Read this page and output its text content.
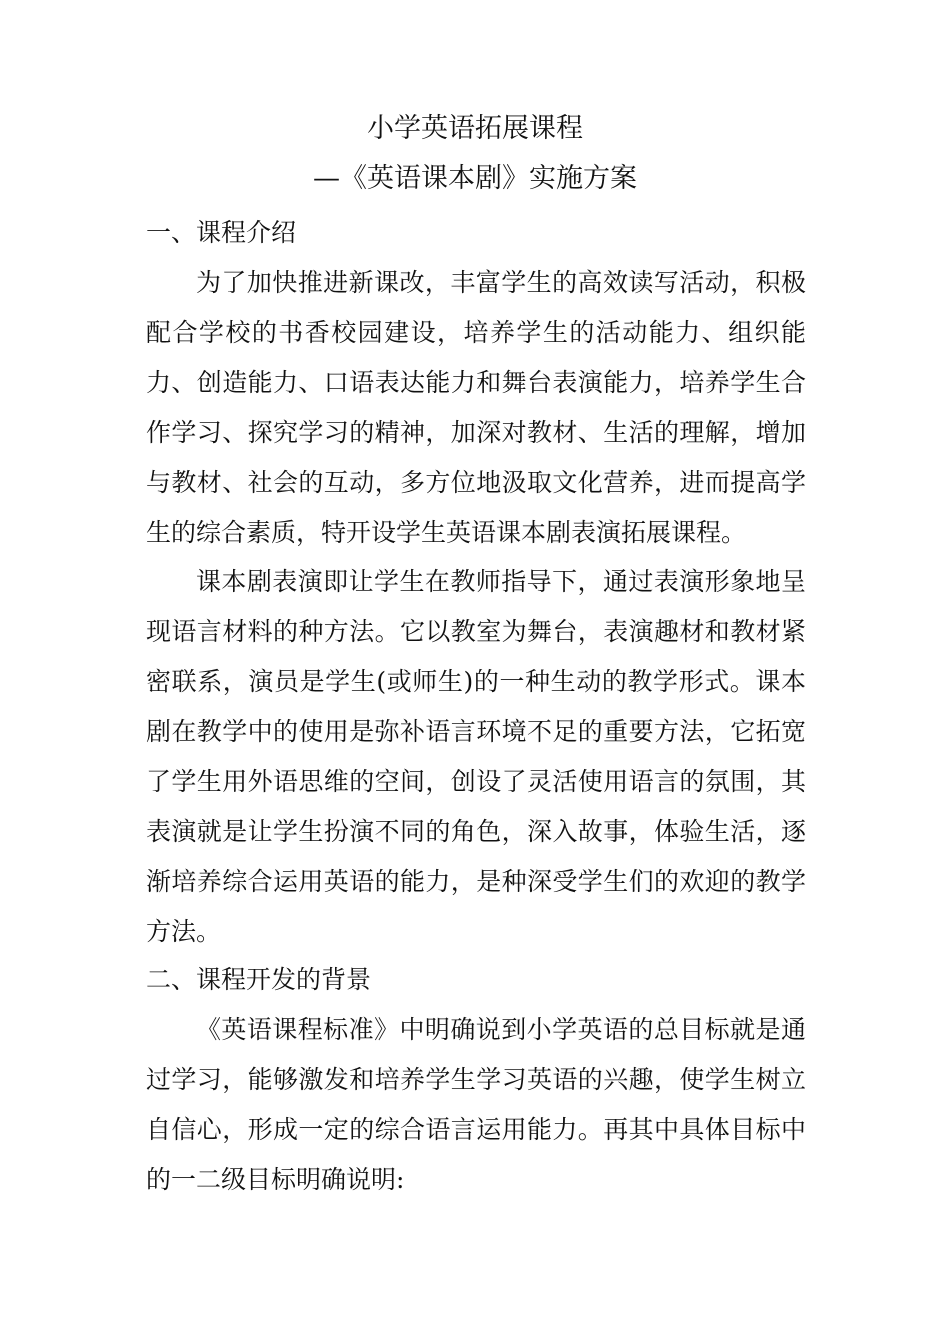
小学英语拓展课程
—《英语课本剧》实施方案
一、课程介绍
为了加快推进新课改，丰富学生的高效读写活动，积极配合学校的书香校园建设，培养学生的活动能力、组织能力、创造能力、口语表达能力和舞台表演能力，培养学生合作学习、探究学习的精神，加深对教材、生活的理解，增加与教材、社会的互动，多方位地汲取文化营养，进而提高学生的综合素质，特开设学生英语课本剧表演拓展课程。
课本剧表演即让学生在教师指导下，通过表演形象地呈现语言材料的种方法。它以教室为舞台，表演趣材和教材紧密联系，演员是学生(或师生)的一种生动的教学形式。课本剧在教学中的使用是弥补语言环境不足的重要方法，它拓宽了学生用外语思维的空间，创设了灵活使用语言的氛围，其表演就是让学生扮演不同的角色，深入故事，体验生活，逐渐培养综合运用英语的能力，是种深受学生们的欢迎的教学方法。
二、课程开发的背景
《英语课程标准》中明确说到小学英语的总目标就是通过学习，能够激发和培养学生学习英语的兴趣，使学生树立自信心，形成一定的综合语言运用能力。再其中具体目标中的一二级目标明确说明:
